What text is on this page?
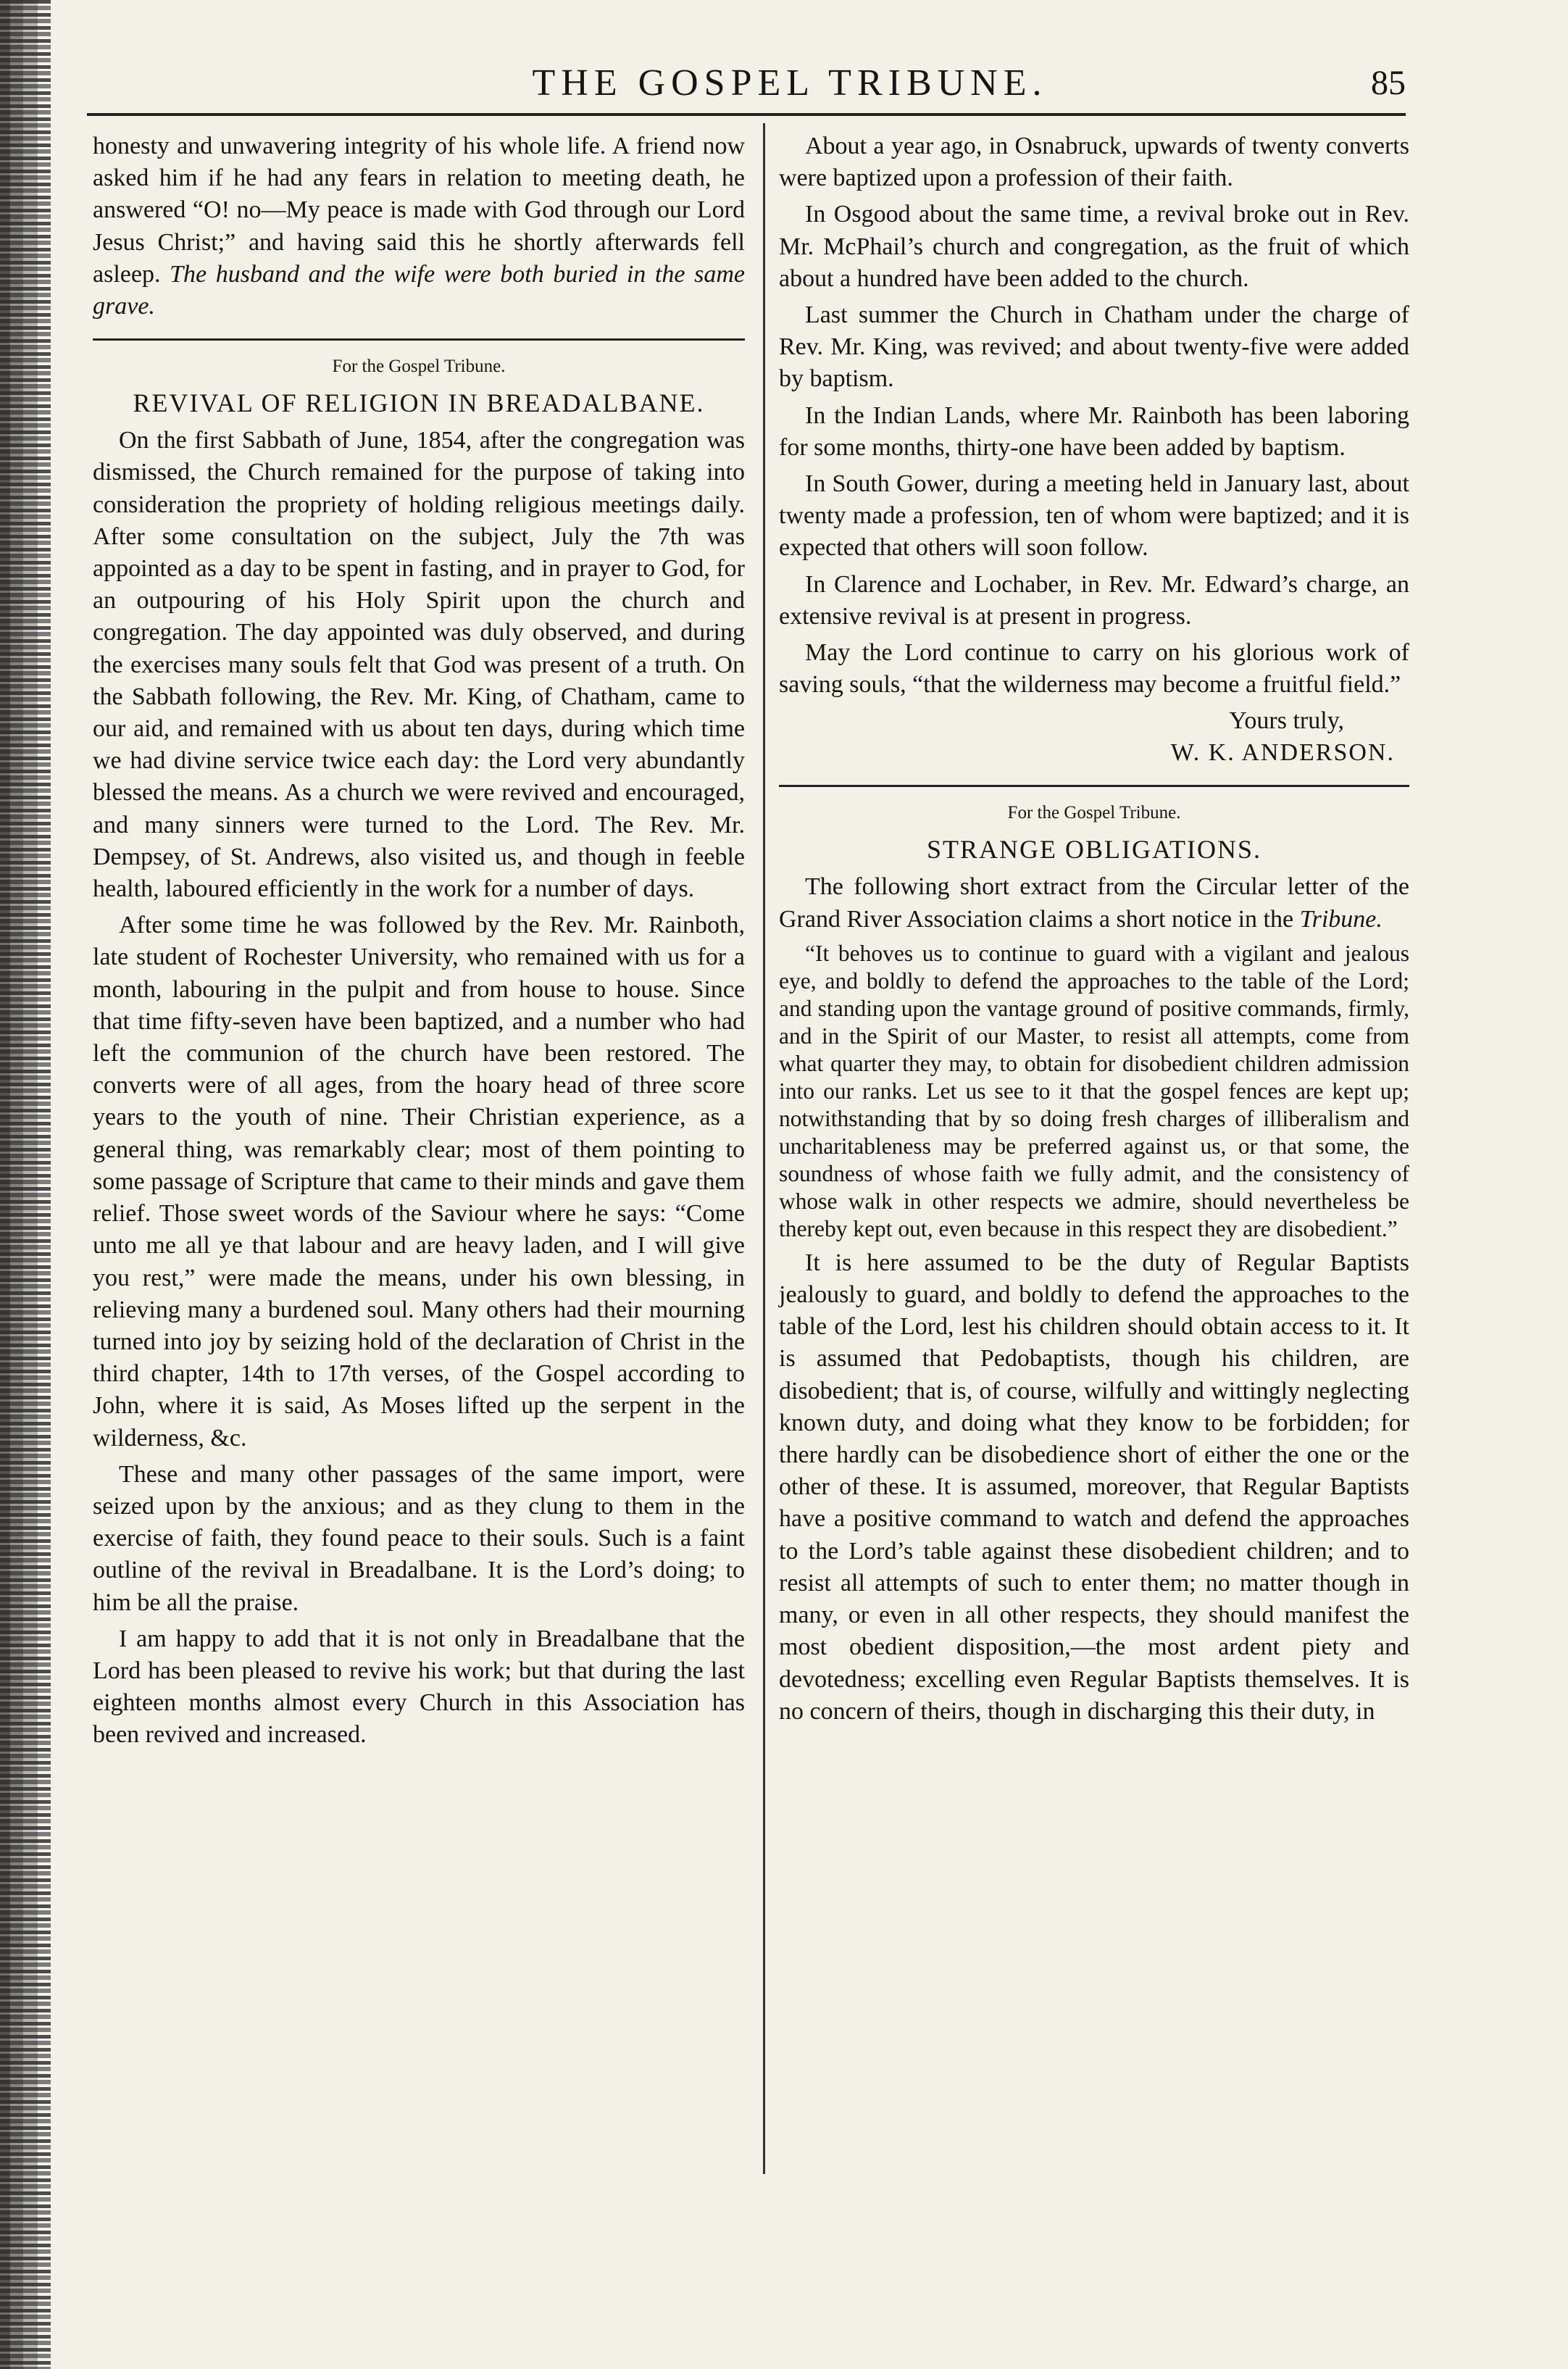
THE GOSPEL TRIBUNE.	85

honesty and unwavering integrity of his whole life. A friend now asked him if he had any fears in relation to meeting death, he answered “O! no—My peace is made with God through our Lord Jesus Christ;” and having said this he shortly afterwards fell asleep. The husband and the wife were both buried in the same grave.

For the Gospel Tribune.
REVIVAL OF RELIGION IN BREADALBANE.

On the first Sabbath of June, 1854, after the congregation was dismissed, the Church remained for the purpose of taking into consideration the propriety of holding religious meetings daily. After some consultation on the subject, July the 7th was appointed as a day to be spent in fasting, and in prayer to God, for an outpouring of his Holy Spirit upon the church and congregation. The day appointed was duly observed, and during the exercises many souls felt that God was present of a truth. On the Sabbath following, the Rev. Mr. King, of Chatham, came to our aid, and remained with us about ten days, during which time we had divine service twice each day: the Lord very abundantly blessed the means. As a church we were revived and encouraged, and many sinners were turned to the Lord. The Rev. Mr. Dempsey, of St. Andrews, also visited us, and though in feeble health, laboured efficiently in the work for a number of days.

After some time he was followed by the Rev. Mr. Rainboth, late student of Rochester University, who remained with us for a month, labouring in the pulpit and from house to house. Since that time fifty-seven have been baptized, and a number who had left the communion of the church have been restored. The converts were of all ages, from the hoary head of three score years to the youth of nine. Their Christian experience, as a general thing, was remarkably clear; most of them pointing to some passage of Scripture that came to their minds and gave them relief. Those sweet words of the Saviour where he says: “Come unto me all ye that labour and are heavy laden, and I will give you rest,” were made the means, under his own blessing, in relieving many a burdened soul. Many others had their mourning turned into joy by seizing hold of the declaration of Christ in the third chapter, 14th to 17th verses, of the Gospel according to John, where it is said, As Moses lifted up the serpent in the wilderness, &c.

These and many other passages of the same import, were seized upon by the anxious; and as they clung to them in the exercise of faith, they found peace to their souls. Such is a faint outline of the revival in Breadalbane. It is the Lord’s doing; to him be all the praise.

I am happy to add that it is not only in Breadalbane that the Lord has been pleased to revive his work; but that during the last eighteen months almost every Church in this Association has been revived and increased.

About a year ago, in Osnabruck, upwards of twenty converts were baptized upon a profession of their faith.

In Osgood about the same time, a revival broke out in Rev. Mr. McPhail’s church and congregation, as the fruit of which about a hundred have been added to the church.

Last summer the Church in Chatham under the charge of Rev. Mr. King, was revived; and about twenty-five were added by baptism.

In the Indian Lands, where Mr. Rainboth has been laboring for some months, thirty-one have been added by baptism.

In South Gower, during a meeting held in January last, about twenty made a profession, ten of whom were baptized; and it is expected that others will soon follow.

In Clarence and Lochaber, in Rev. Mr. Edward’s charge, an extensive revival is at present in progress.

May the Lord continue to carry on his glorious work of saving souls, “that the wilderness may become a fruitful field.”

Yours truly,
W. K. ANDERSON.
For the Gospel Tribune.
STRANGE OBLIGATIONS.

The following short extract from the Circular letter of the Grand River Association claims a short notice in the Tribune.

“It behoves us to continue to guard with a vigilant and jealous eye, and boldly to defend the approaches to the table of the Lord; and standing upon the vantage ground of positive commands, firmly, and in the Spirit of our Master, to resist all attempts, come from what quarter they may, to obtain for disobedient children admission into our ranks. Let us see to it that the gospel fences are kept up; notwithstanding that by so doing fresh charges of illiberalism and uncharitableness may be preferred against us, or that some, the soundness of whose faith we fully admit, and the consistency of whose walk in other respects we admire, should nevertheless be thereby kept out, even because in this respect they are disobedient.”

It is here assumed to be the duty of Regular Baptists jealously to guard, and boldly to defend the approaches to the table of the Lord, lest his children should obtain access to it. It is assumed that Pedobaptists, though his children, are disobedient; that is, of course, wilfully and wittingly neglecting known duty, and doing what they know to be forbidden; for there hardly can be disobedience short of either the one or the other of these. It is assumed, moreover, that Regular Baptists have a positive command to watch and defend the approaches to the Lord’s table against these disobedient children; and to resist all attempts of such to enter them; no matter though in many, or even in all other respects, they should manifest the most obedient disposition,—the most ardent piety and devotedness; excelling even Regular Baptists themselves. It is no concern of theirs, though in discharging this their duty, in
